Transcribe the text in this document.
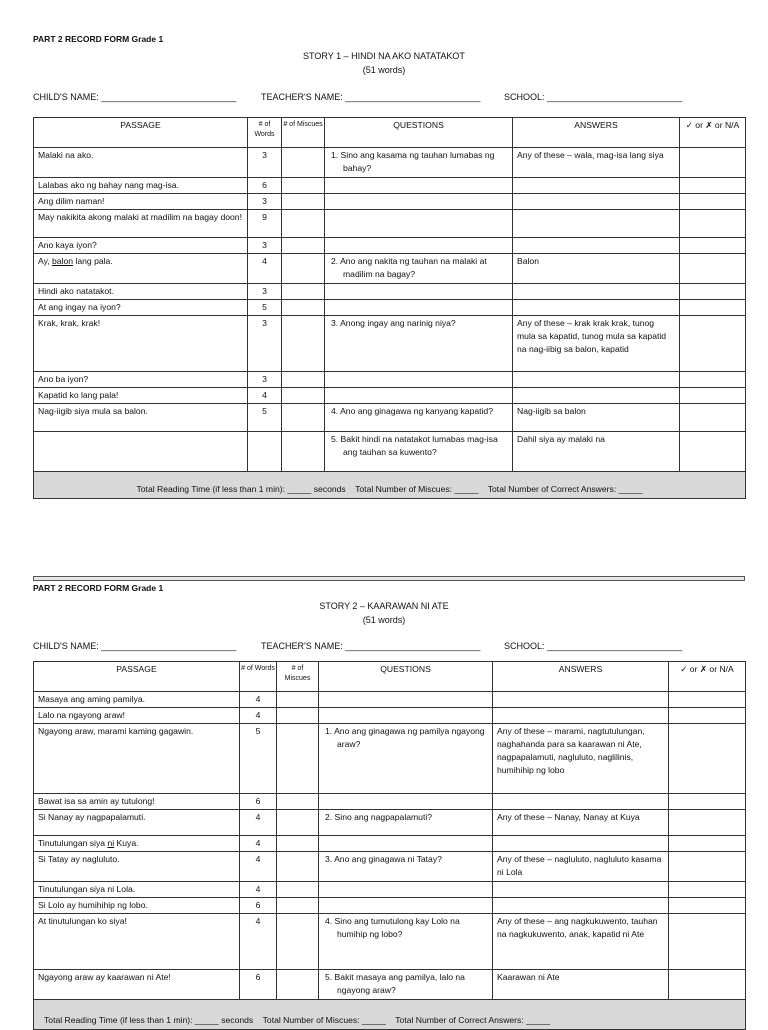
PART 2 RECORD FORM Grade 1
STORY 1 – HINDI NA AKO NATATAKOT
(51 words)
CHILD'S NAME: ___________________________	TEACHER'S NAME: ___________________________	SCHOOL: ___________________________
PASSAGE	# of Words	# of Miscues	QUESTIONS	ANSWERS	✓ or ✗ or N/A
Malaki na ako.	3		1. Sino ang kasama ng tauhan lumabas ng bahay?	Any of these – wala, mag-isa lang siya	
Lalabas ako ng bahay nang mag-isa.	6				
Ang dilim naman!	3				
May nakikita akong malaki at madilim na bagay doon!	9				
Ano kaya iyon?	3				
Ay, balon lang pala.	4		2. Ano ang nakita ng tauhan na malaki at madilim na bagay?	Balon	
Hindi ako natatakot.	3				
At ang ingay na iyon?	5				
Krak, krak, krak!	3		3. Anong ingay ang narinig niya?	Any of these – krak krak krak, tunog mula sa kapatid, tunog mula sa kapatid na nag-iibig sa balon, kapatid	
Ano ba iyon?	3				
Kapatid ko lang pala!	4				
Nag-iigib siya mula sa balon.	5		4. Ano ang ginagawa ng kanyang kapatid?	Nag-iigib sa balon	

			5. Bakit hindi na natatakot lumabas mag-isa ang tauhan sa kuwento?	Dahil siya ay malaki na	
Total Reading Time (if less than 1 min): _____ seconds    Total Number of Miscues: _____    Total Number of Correct Answers: _____					
PART 2 RECORD FORM Grade 1
STORY 2 – KAARAWAN NI ATE
(51 words)
CHILD'S NAME: ___________________________	TEACHER'S NAME: ___________________________	SCHOOL: ___________________________
PASSAGE	# of Words	# of Miscues	QUESTIONS	ANSWERS	✓ or ✗ or N/A
Masaya ang aming pamilya.	4				
Lalo na ngayong araw!	4				
Ngayong araw, marami kaming gagawin.	5		1. Ano ang ginagawa ng pamilya ngayong araw?	Any of these – marami, nagtutulungan, naghahanda para sa kaarawan ni Ate, nagpapalamuti, nagluluto, naglilinis, humihihip ng lobo	
Bawat isa sa amin ay tutulong!	6				
Si Nanay ay nagpapalamuti.	4		2. Sino ang nagpapalamuti?	Any of these – Nanay, Nanay at Kuya	
Tinutulungan siya ni Kuya.	4				
Si Tatay ay nagluluto.	4		3. Ano ang ginagawa ni Tatay?	Any of these – nagluluto, nagluluto kasama ni Lola	
Tinutulungan siya ni Lola.	4				
Si Lolo ay humihihip ng lobo.	6				
At tinutulungan ko siya!	4		4. Sino ang tumutulong kay Lolo na humihip ng lobo?	Any of these – ang nagkukuwento, tauhan na nagkukuwento, anak, kapatid ni Ate	
Ngayong araw ay kaarawan ni Ate!	6		5. Bakit masaya ang pamilya, lalo na ngayong araw?	Kaarawan ni Ate	
Total Reading Time (if less than 1 min): _____ seconds    Total Number of Miscues: _____    Total Number of Correct Answers: _____					
